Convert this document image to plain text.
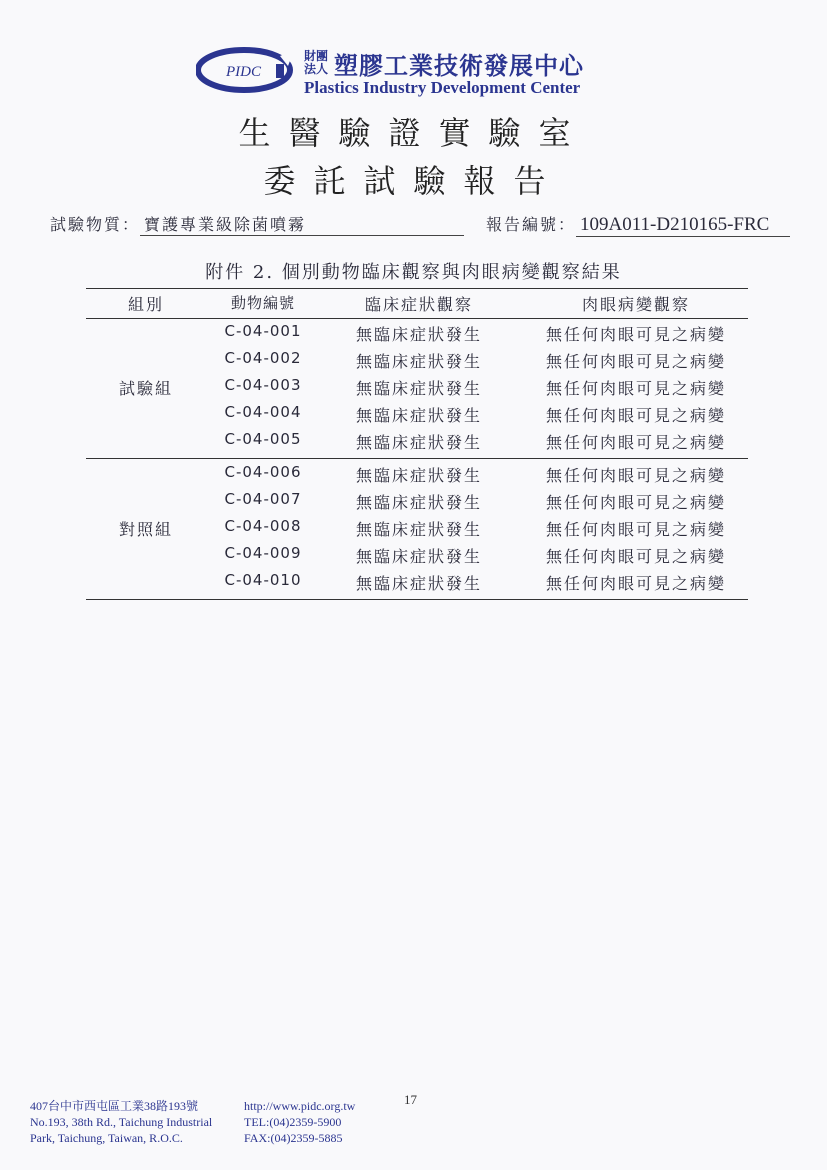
PIDC
財團
法人 塑膠工業技術發展中心
Plastics Industry Development Center
生醫驗證實驗室
委託試驗報告
試驗物質： 寶護專業級除菌噴霧	報告編號： 109A011-D210165-FRC
附件 2. 個別動物臨床觀察與肉眼病變觀察結果
組別	動物編號	臨床症狀觀察	肉眼病變觀察
試驗組
C-04-001	無臨床症狀發生	無任何肉眼可見之病變
C-04-002	無臨床症狀發生	無任何肉眼可見之病變
C-04-003	無臨床症狀發生	無任何肉眼可見之病變
C-04-004	無臨床症狀發生	無任何肉眼可見之病變
C-04-005	無臨床症狀發生	無任何肉眼可見之病變
對照組
C-04-006	無臨床症狀發生	無任何肉眼可見之病變
C-04-007	無臨床症狀發生	無任何肉眼可見之病變
C-04-008	無臨床症狀發生	無任何肉眼可見之病變
C-04-009	無臨床症狀發生	無任何肉眼可見之病變
C-04-010	無臨床症狀發生	無任何肉眼可見之病變
17
407台中市西屯區工業38路193號
No.193, 38th Rd., Taichung Industrial
Park, Taichung, Taiwan, R.O.C.
http://www.pidc.org.tw
TEL:(04)2359-5900
FAX:(04)2359-5885
